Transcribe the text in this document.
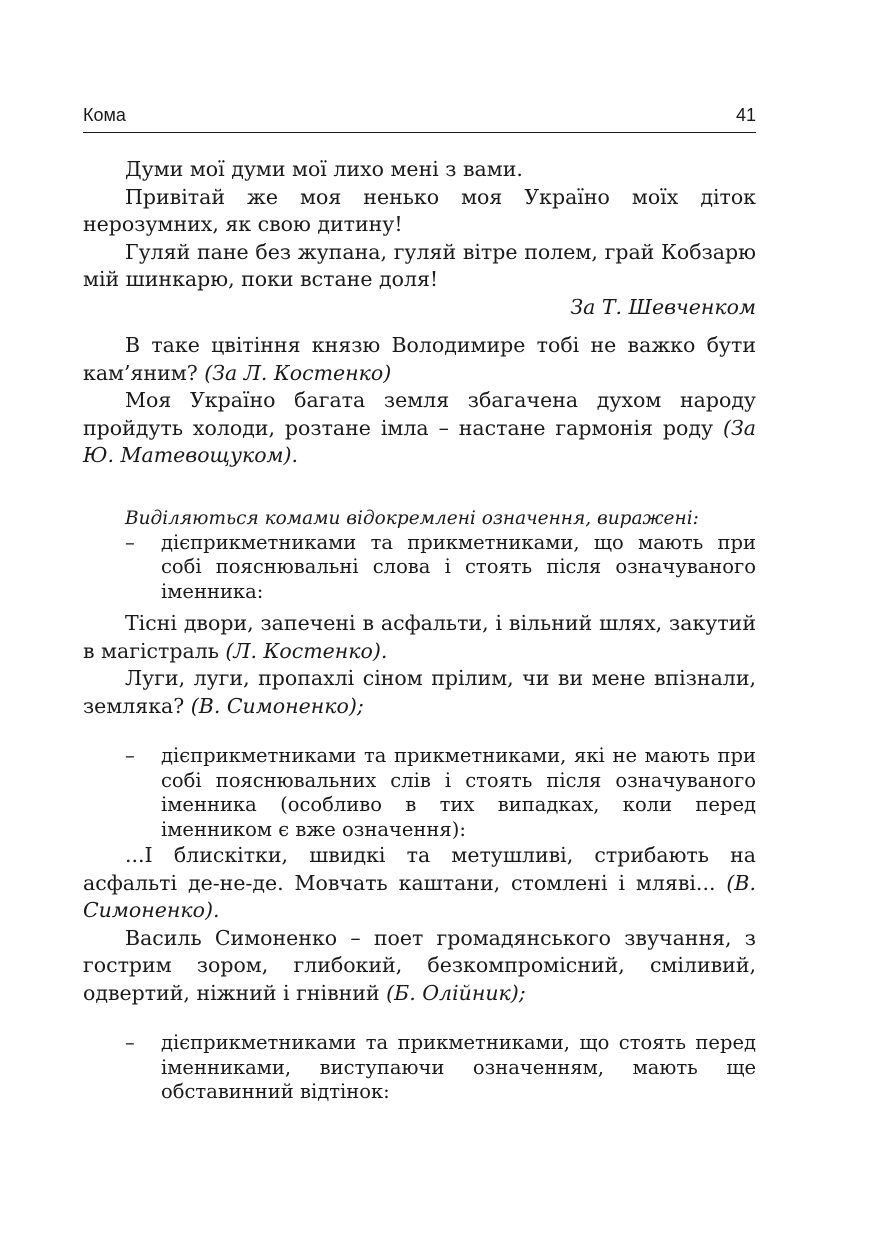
Кома	41

Думи мої думи мої лихо мені з вами.

Привітай же моя ненько моя Україно моїх діток нерозумних, як свою дитину!

Гуляй пане без жупана, гуляй вітре полем, грай Кобзарю мій шинкарю, поки встане доля!

За Т. Шевченком

В таке цвітіння князю Володимире тобі не важко бути кам’яним? (За Л. Костенко)

Моя Україно багата земля збагачена духом народу пройдуть холоди, розтане імла – настане гармонія роду (За Ю. Матевощуком).

Виділяються комами відокремлені означення, виражені:

– дієприкметниками та прикметниками, що мають при собі пояснювальні слова і стоять після означуваного іменника:

Тісні двори, запечені в асфальти, і вільний шлях, закутий в магістраль (Л. Костенко).

Луги, луги, пропахлі сіном прілим, чи ви мене впізнали, земляка? (В. Симоненко);

– дієприкметниками та прикметниками, які не мають при собі пояснювальних слів і стоять після означуваного іменника (особливо в тих випадках, коли перед іменником є вже означення):

...І блискітки, швидкі та метушливі, стрибають на асфальті де-не-де. Мовчать каштани, стомлені і мляві... (В. Симоненко).

Василь Симоненко – поет громадянського звучання, з гострим зором, глибокий, безкомпромісний, сміливий, одвертий, ніжний і гнівний (Б. Олійник);

– дієприкметниками та прикметниками, що стоять перед іменниками, виступаючи означенням, мають ще обставинний відтінок:
